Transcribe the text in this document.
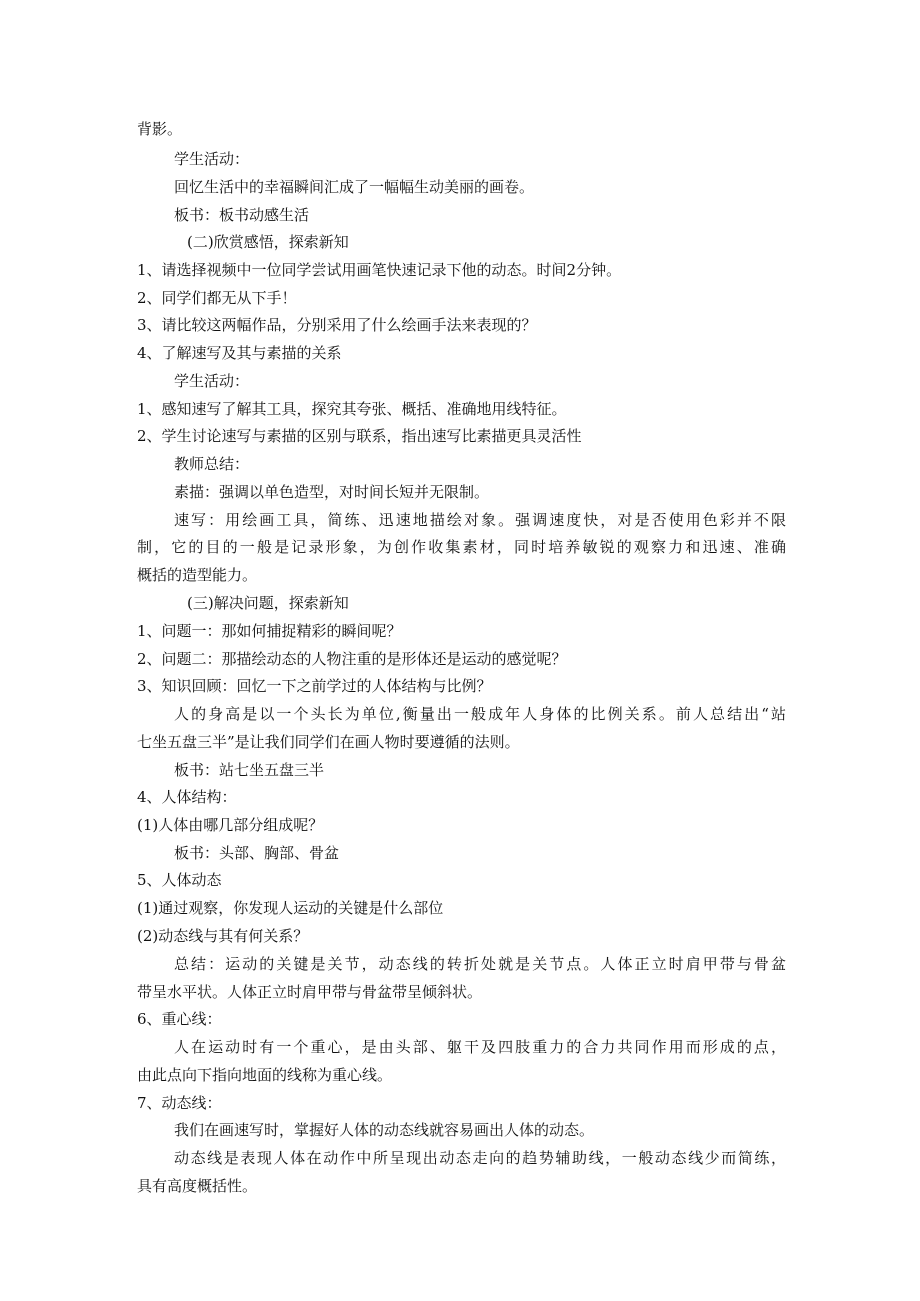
背影。
学生活动：
回忆生活中的幸福瞬间汇成了一幅幅生动美丽的画卷。
板书：板书动感生活
(二)欣赏感悟，探索新知
1、请选择视频中一位同学尝试用画笔快速记录下他的动态。时间2分钟。
2、同学们都无从下手！
3、请比较这两幅作品，分别采用了什么绘画手法来表现的？
4、了解速写及其与素描的关系
学生活动：
1、感知速写了解其工具，探究其夸张、概括、准确地用线特征。
2、学生讨论速写与素描的区别与联系，指出速写比素描更具灵活性
教师总结：
素描：强调以单色造型，对时间长短并无限制。
速写：用绘画工具，简练、迅速地描绘对象。强调速度快，对是否使用色彩并不限
制，它的目的一般是记录形象，为创作收集素材，同时培养敏锐的观察力和迅速、准确
概括的造型能力。
(三)解决问题，探索新知
1、问题一：那如何捕捉精彩的瞬间呢？
2、问题二：那描绘动态的人物注重的是形体还是运动的感觉呢？
3、知识回顾：回忆一下之前学过的人体结构与比例？
人的身高是以一个头长为单位,衡量出一般成年人身体的比例关系。前人总结出“站
七坐五盘三半”是让我们同学们在画人物时要遵循的法则。
板书：站七坐五盘三半
4、人体结构：
(1)人体由哪几部分组成呢？
板书：头部、胸部、骨盆
5、人体动态
(1)通过观察，你发现人运动的关键是什么部位
(2)动态线与其有何关系？
总结：运动的关键是关节，动态线的转折处就是关节点。人体正立时肩甲带与骨盆
带呈水平状。人体正立时肩甲带与骨盆带呈倾斜状。
6、重心线：
人在运动时有一个重心，是由头部、躯干及四肢重力的合力共同作用而形成的点，
由此点向下指向地面的线称为重心线。
7、动态线：
我们在画速写时，掌握好人体的动态线就容易画出人体的动态。
动态线是表现人体在动作中所呈现出动态走向的趋势辅助线，一般动态线少而简练，
具有高度概括性。
